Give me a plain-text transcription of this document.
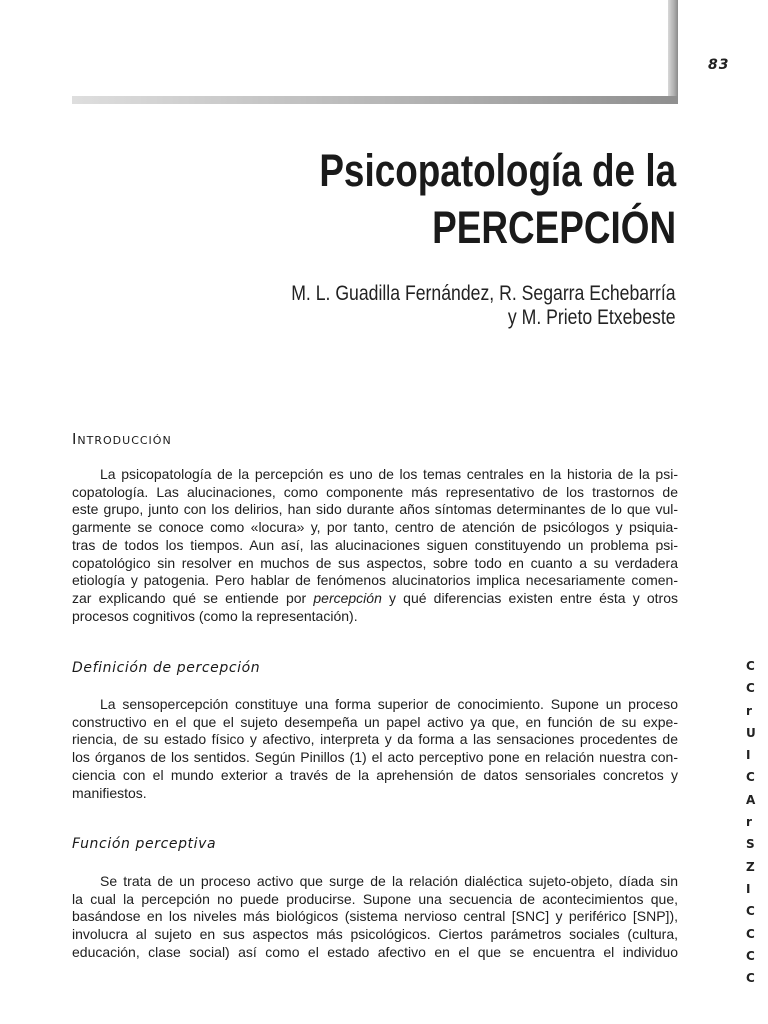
83
Psicopatología de la
PERCEPCIÓN
M. L. Guadilla Fernández, R. Segarra Echebarría
y M. Prieto Etxebeste
Introducción

La psicopatología de la percepción es uno de los temas centrales en la historia de la psi-
copatología. Las alucinaciones, como componente más representativo de los trastornos de
este grupo, junto con los delirios, han sido durante años síntomas determinantes de lo que vul-
garmente se conoce como «locura» y, por tanto, centro de atención de psicólogos y psiquia-
tras de todos los tiempos. Aun así, las alucinaciones siguen constituyendo un problema psi-
copatológico sin resolver en muchos de sus aspectos, sobre todo en cuanto a su verdadera
etiología y patogenia. Pero hablar de fenómenos alucinatorios implica necesariamente comen-
zar explicando qué se entiende por percepción y qué diferencias existen entre ésta y otros
procesos cognitivos (como la representación).

Definición de percepción

La sensopercepción constituye una forma superior de conocimiento. Supone un proceso
constructivo en el que el sujeto desempeña un papel activo ya que, en función de su expe-
riencia, de su estado físico y afectivo, interpreta y da forma a las sensaciones procedentes de
los órganos de los sentidos. Según Pinillos (1) el acto perceptivo pone en relación nuestra con-
ciencia con el mundo exterior a través de la aprehensión de datos sensoriales concretos y
manifiestos.

Función perceptiva

Se trata de un proceso activo que surge de la relación dialéctica sujeto-objeto, díada sin
la cual la percepción no puede producirse. Supone una secuencia de acontecimientos que,
basándose en los niveles más biológicos (sistema nervioso central [SNC] y periférico [SNP]),
involucra al sujeto en sus aspectos más psicológicos. Ciertos parámetros sociales (cultura,
educación, clase social) así como el estado afectivo en el que se encuentra el individuo

C
C
r
U
I
C
A
r
S
Z
I
C
C
C
C
